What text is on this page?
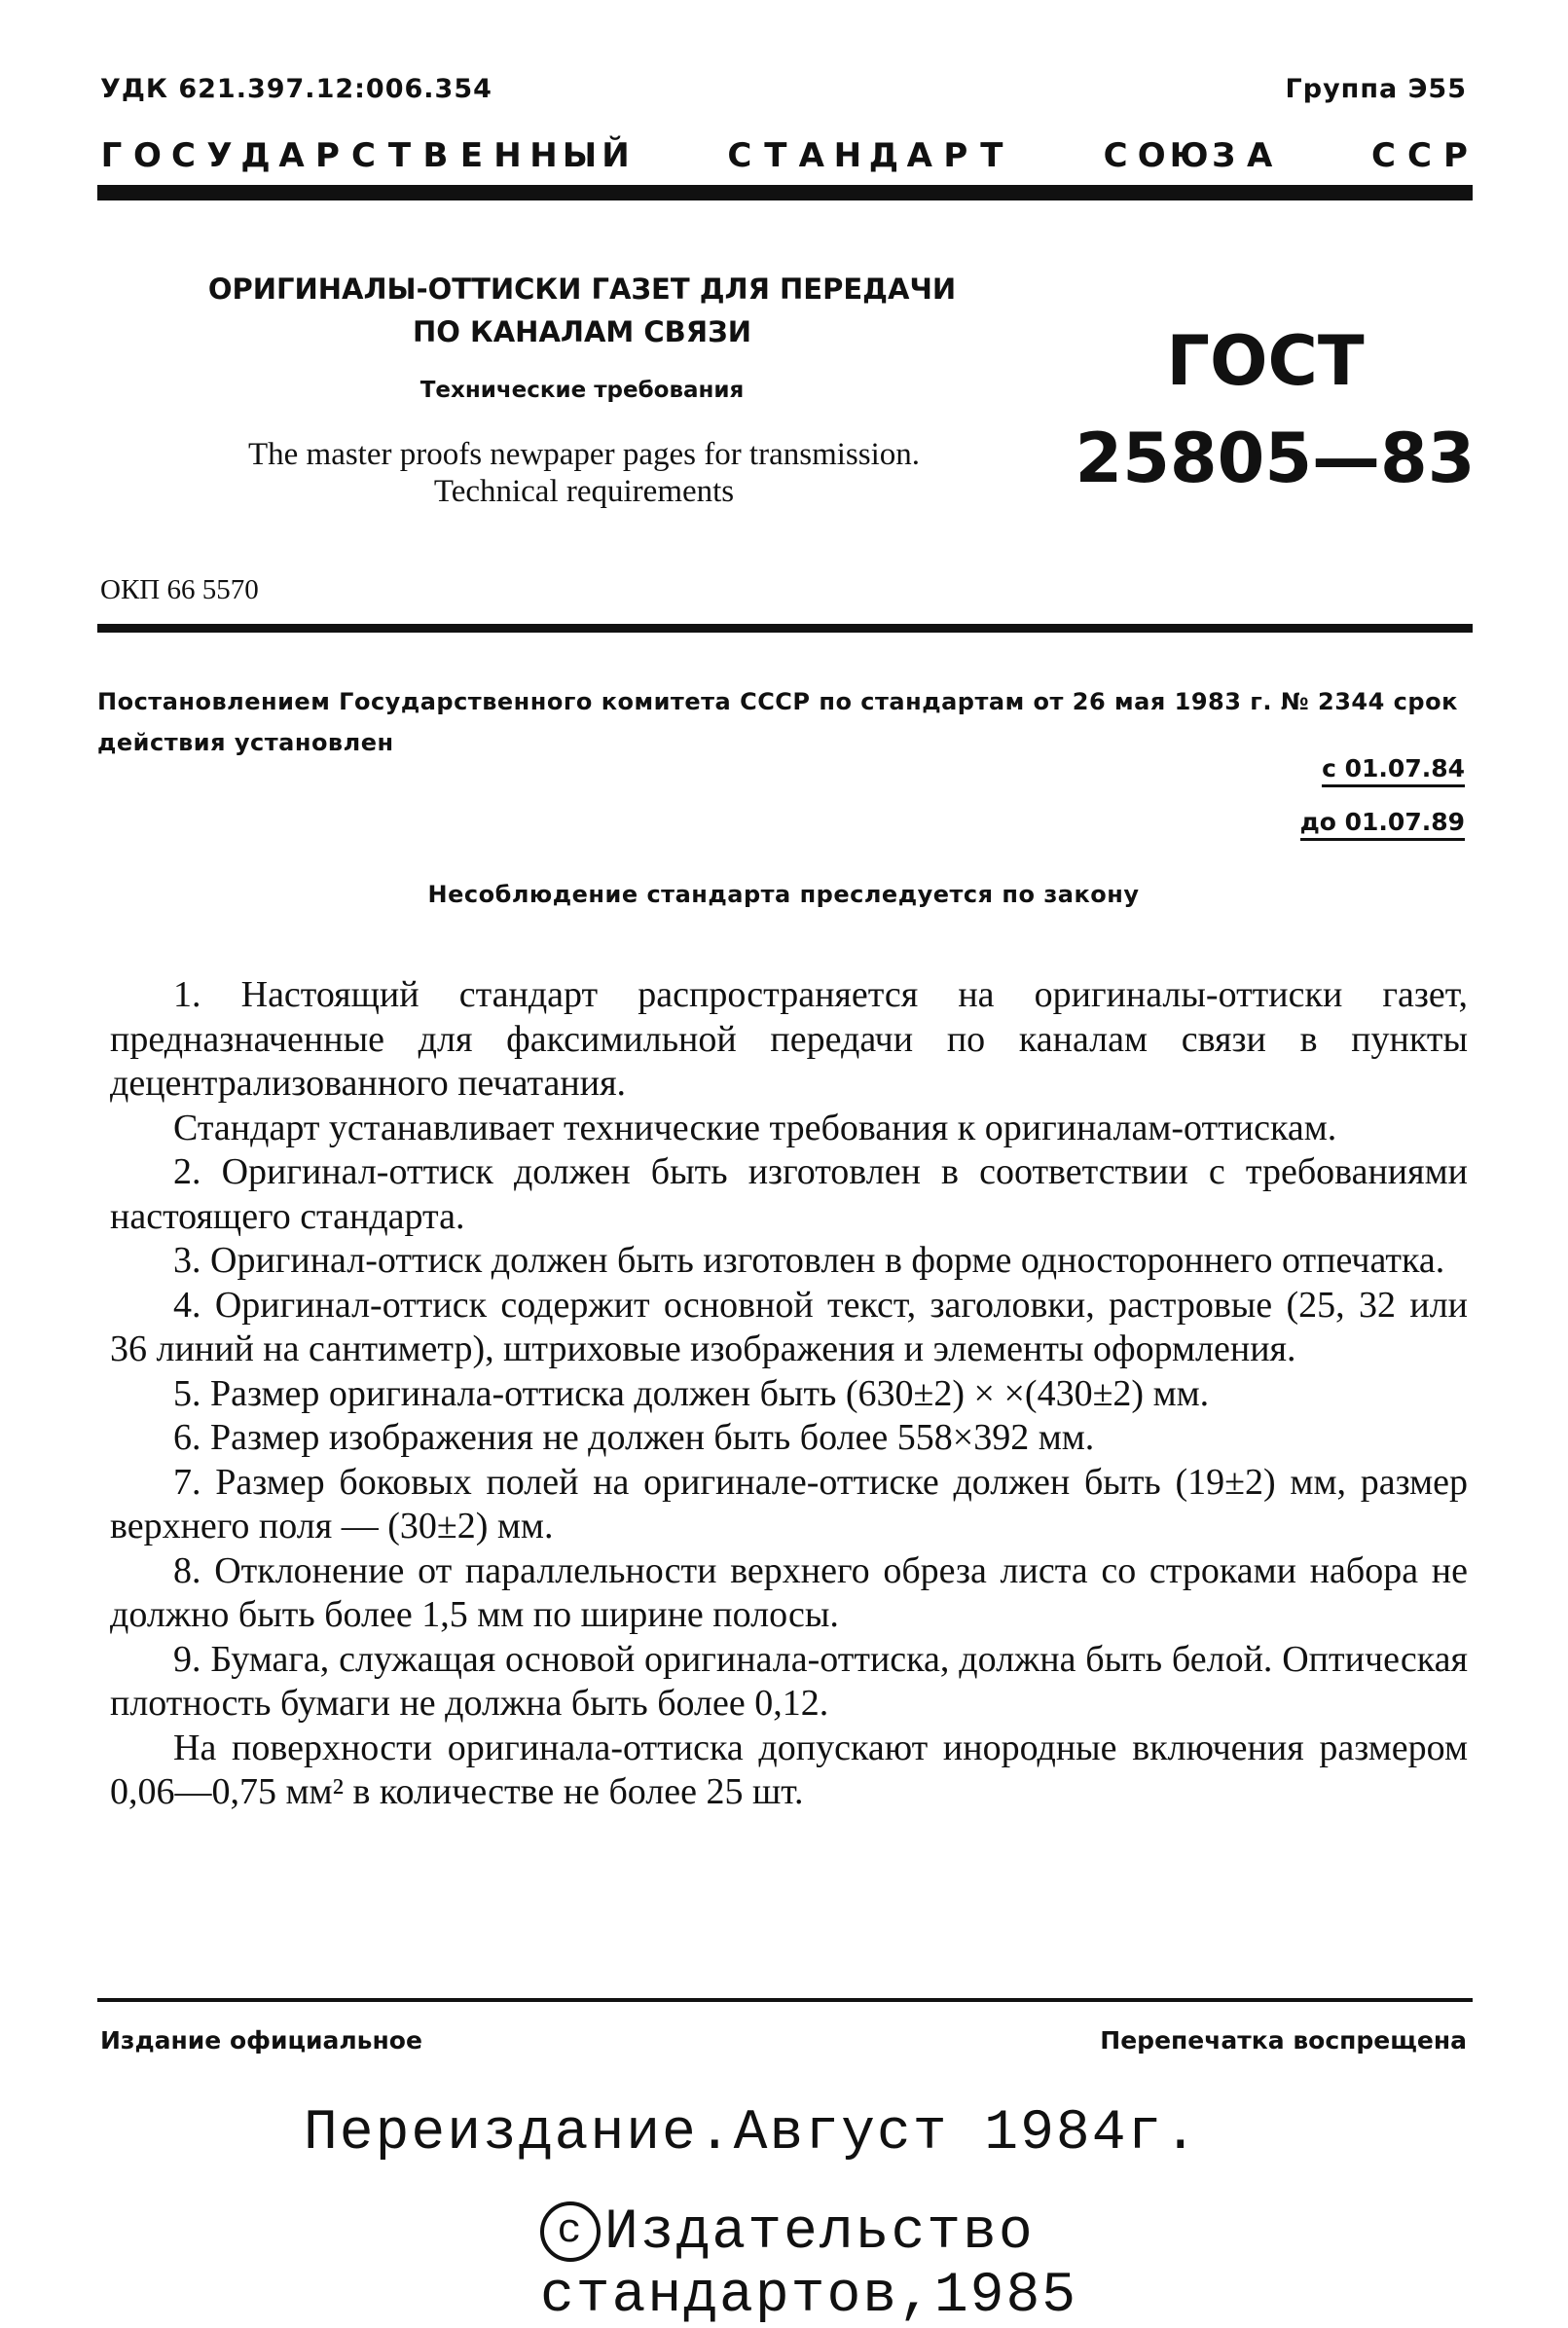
УДК 621.397.12:006.354	Группа Э55
Г О С У Д А Р С Т В Е Н Н Ы Й	С Т А Н Д А Р Т	С О Ю З А	С С Р
ОРИГИНАЛЫ-ОТТИСКИ ГАЗЕТ ДЛЯ ПЕРЕДАЧИ
ПО КАНАЛАМ СВЯЗИ
Технические требования
The master proofs newpaper pages for transmission.
Technical requirements
ГОСТ
25805—83
ОКП 66 5570
Постановлением Государственного комитета СССР по стандартам от 26 мая 1983 г. № 2344 срок действия установлен
с 01.07.84
до 01.07.89
Несоблюдение стандарта преследуется по закону

1. Настоящий стандарт распространяется на оригиналы-оттиски газет, предназначенные для факсимильной передачи по каналам связи в пункты децентрализованного печатания.

Стандарт устанавливает технические требования к оригиналам-оттискам.

2. Оригинал-оттиск должен быть изготовлен в соответствии с требованиями настоящего стандарта.

3. Оригинал-оттиск должен быть изготовлен в форме одностороннего отпечатка.

4. Оригинал-оттиск содержит основной текст, заголовки, растровые (25, 32 или 36 линий на сантиметр), штриховые изображения и элементы оформления.

5. Размер оригинала-оттиска должен быть (630±2) × ×(430±2) мм.

6. Размер изображения не должен быть более 558×392 мм.

7. Размер боковых полей на оригинале-оттиске должен быть (19±2) мм, размер верхнего поля — (30±2) мм.

8. Отклонение от параллельности верхнего обреза листа со строками набора не должно быть более 1,5 мм по ширине полосы.

9. Бумага, служащая основой оригинала-оттиска, должна быть белой. Оптическая плотность бумаги не должна быть более 0,12.

На поверхности оригинала-оттиска допускают инородные включения размером 0,06—0,75 мм² в количестве не более 25 шт.

Издание официальное	Перепечатка воспрещена
Переиздание.Август 1984г.
с Издательство стандартов,1985
